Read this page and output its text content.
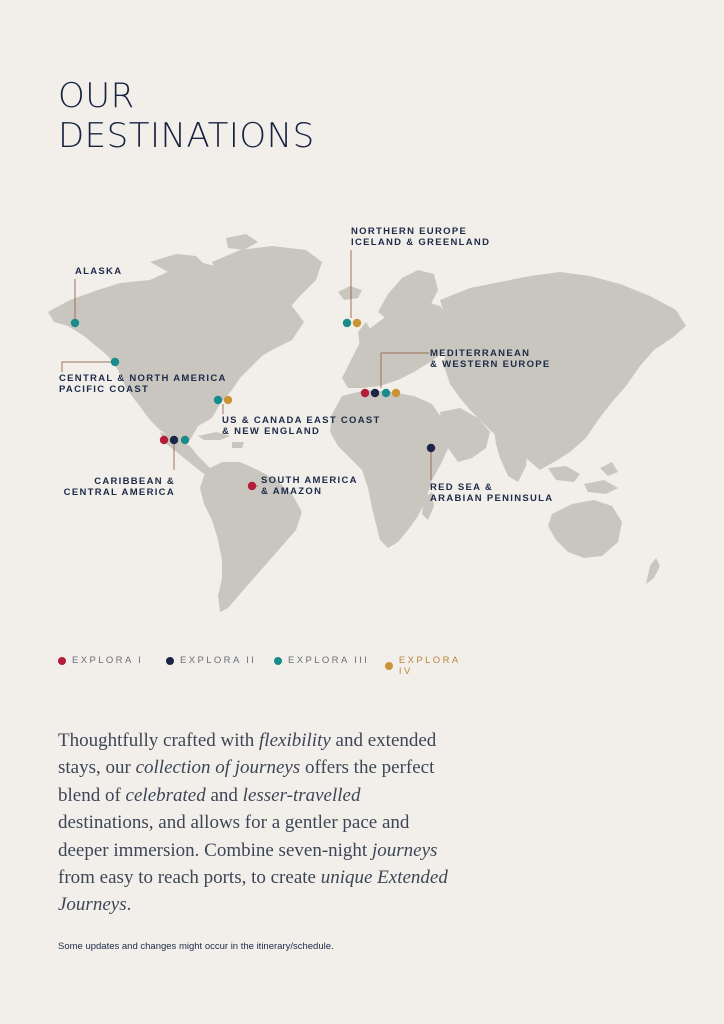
OUR
DESTINATIONS
ALASKA
NORTHERN EUROPE
ICELAND & GREENLAND
CENTRAL & NORTH AMERICA
PACIFIC COAST
MEDITERRANEAN
& WESTERN EUROPE
US & CANADA EAST COAST
& NEW ENGLAND
CARIBBEAN &
CENTRAL AMERICA
SOUTH AMERICA
& AMAZON	RED SEA &
ARABIAN PENINSULA
EXPLORA I	EXPLORA II	EXPLORA III	EXPLORA IV

Thoughtfully crafted with flexibility and extended stays, our collection of journeys offers the perfect blend of celebrated and lesser-travelled destinations, and allows for a gentler pace and deeper immersion. Combine seven-night journeys from easy to reach ports, to create unique Extended Journeys.

Some updates and changes might occur in the itinerary/schedule.
